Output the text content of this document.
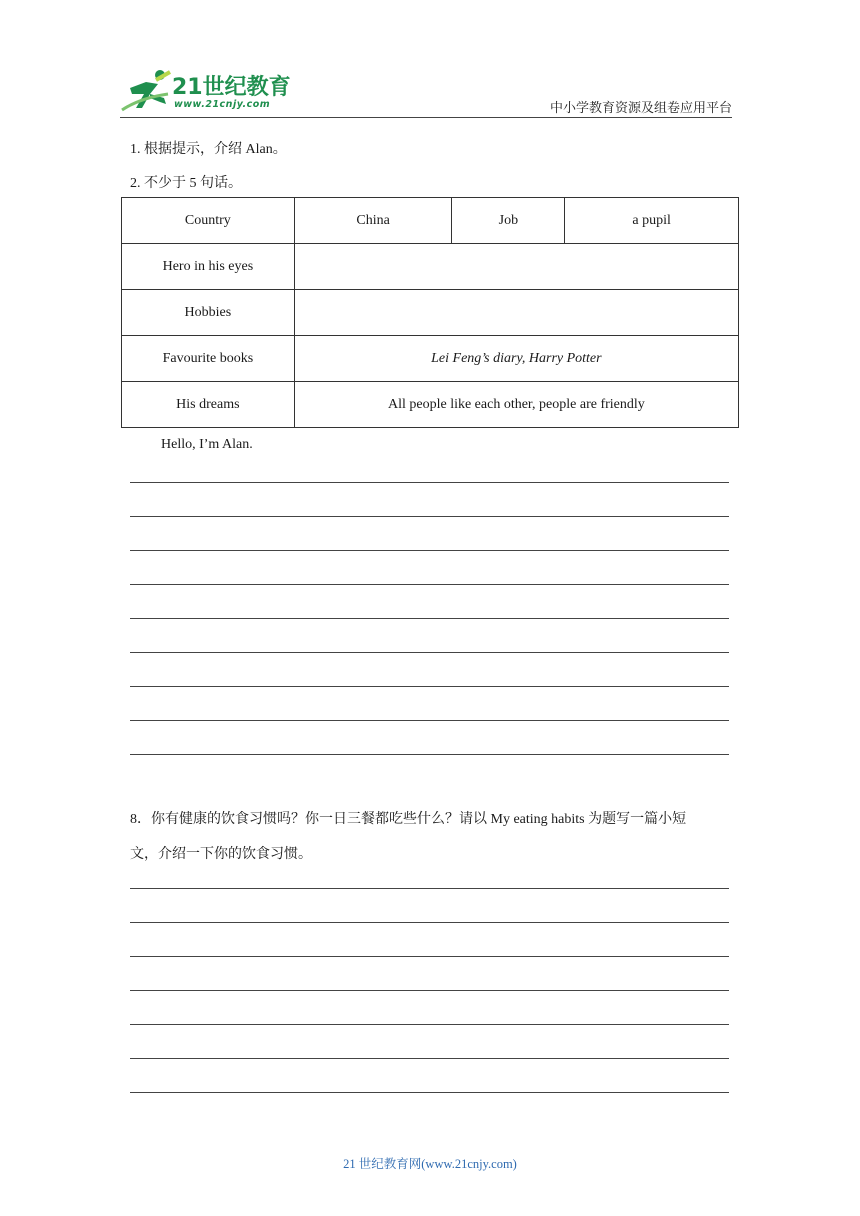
21世纪教育
www.21cnjy.com	中小学教育资源及组卷应用平台
1. 根据提示，介绍 Alan。
2. 不少于 5 句话。
Country	China	Job	a pupil
Hero in his eyes			
Hobbies			
Favourite books	Lei Feng’s diary, Harry Potter		
His dreams	All people like each other, people are friendly		
Hello, I’m Alan.
8．你有健康的饮食习惯吗？你一日三餐都吃些什么？请以 My eating habits 为题写一篇小短
文，介绍一下你的饮食习惯。
21 世纪教育网(www.21cnjy.com)
